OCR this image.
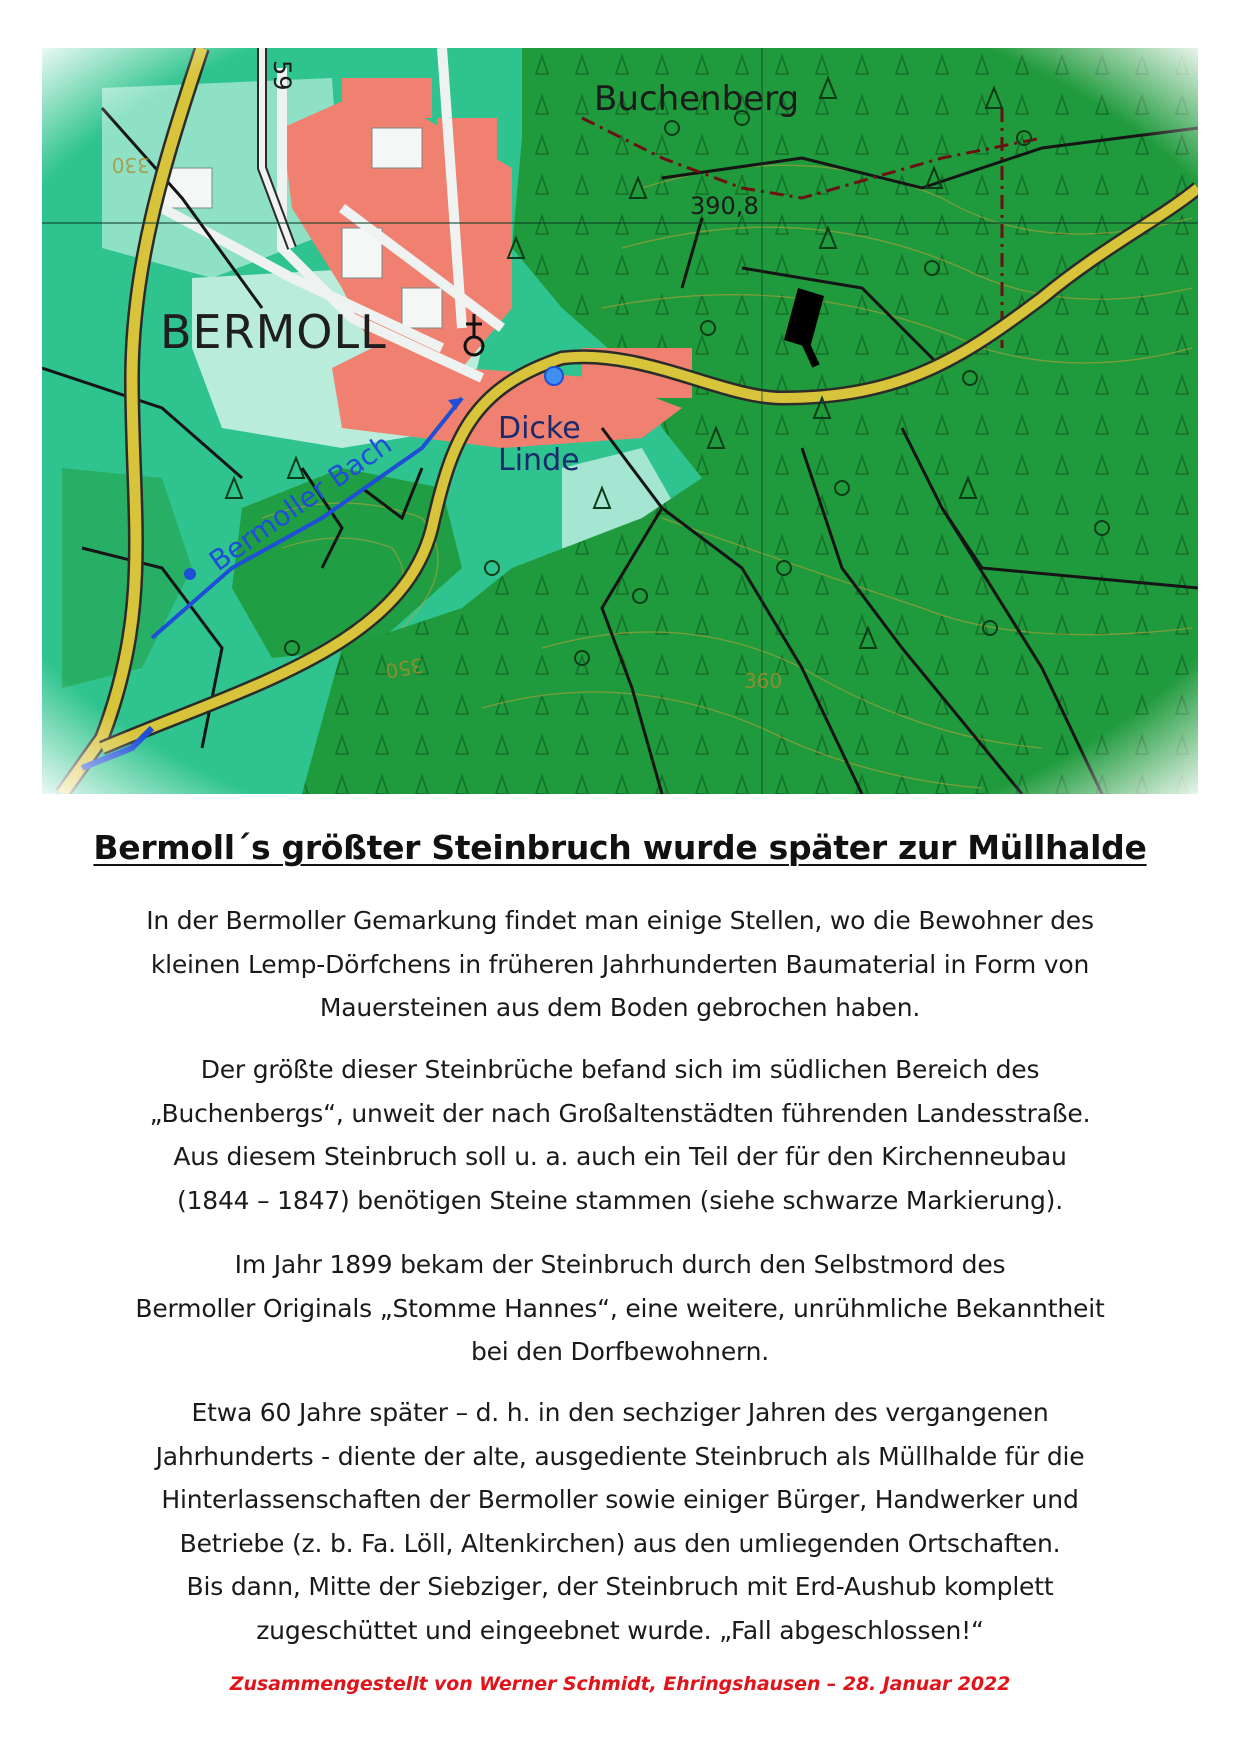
Bermoll´s größter Steinbruch wurde später zur Müllhalde
In der Bermoller Gemarkung findet man einige Stellen, wo die Bewohner des
kleinen Lemp-Dörfchens in früheren Jahrhunderten Baumaterial in Form von
Mauersteinen aus dem Boden gebrochen haben.
Der größte dieser Steinbrüche befand sich im südlichen Bereich des
„Buchenbergs“, unweit der nach Großaltenstädten führenden Landesstraße.
Aus diesem Steinbruch soll u. a. auch ein Teil der für den Kirchenneubau
(1844 – 1847) benötigen Steine stammen (siehe schwarze Markierung).
Im Jahr 1899 bekam der Steinbruch durch den Selbstmord des
Bermoller Originals „Stomme Hannes“, eine weitere, unrühmliche Bekanntheit
bei den Dorfbewohnern.
Etwa 60 Jahre später – d. h. in den sechziger Jahren des vergangenen
Jahrhunderts - diente der alte, ausgediente Steinbruch als Müllhalde für die
Hinterlassenschaften der Bermoller sowie einiger Bürger, Handwerker und
Betriebe (z. b. Fa. Löll, Altenkirchen) aus den umliegenden Ortschaften.
Bis dann, Mitte der Siebziger, der Steinbruch mit Erd-Aushub komplett
zugeschüttet und eingeebnet wurde. „Fall abgeschlossen!“
Zusammengestellt von Werner Schmidt, Ehringshausen – 28. Januar 2022
